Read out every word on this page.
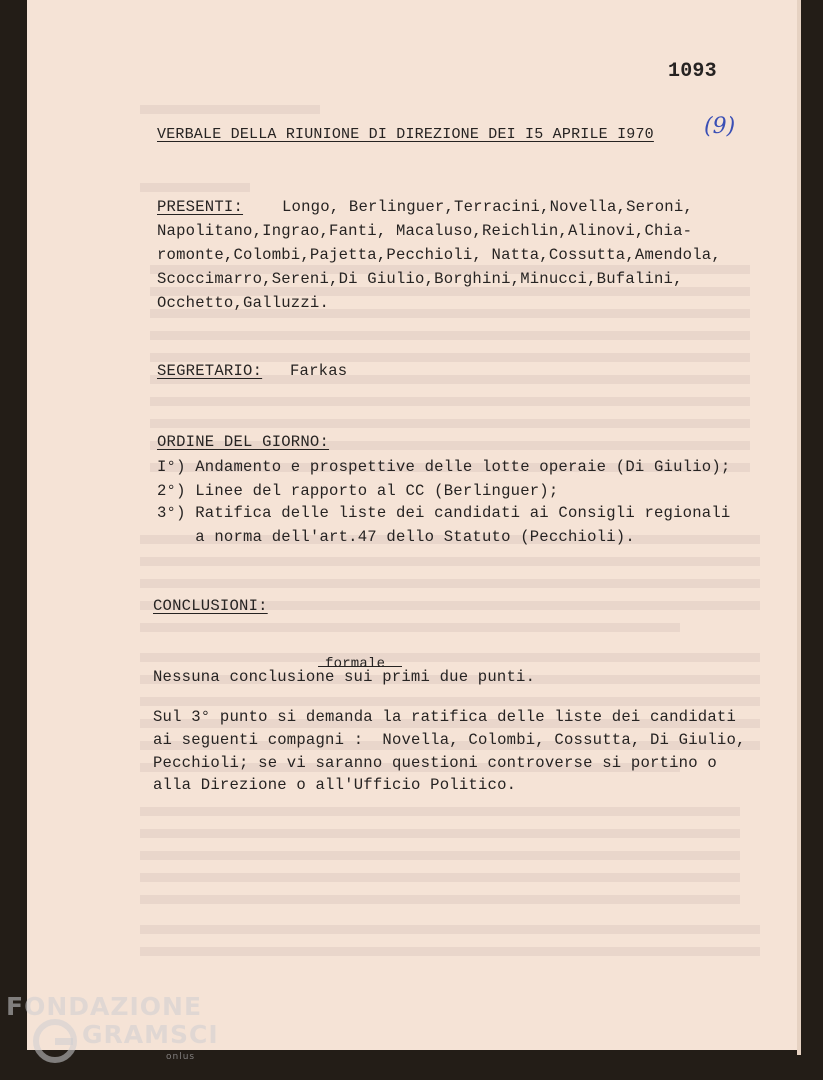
1093
(9)
VERBALE DELLA RIUNIONE DI DIREZIONE DEI I5 APRILE I970
PRESENTI: Longo, Berlinguer,Terracini,Novella,Seroni,
Napolitano,Ingrao,Fanti, Macaluso,Reichlin,Alinovi,Chia-
romonte,Colombi,Pajetta,Pecchioli, Natta,Cossutta,Amendola,
Scoccimarro,Sereni,Di Giulio,Borghini,Minucci,Bufalini,
Occhetto,Galluzzi.
SEGRETARIO: Farkas
ORDINE DEL GIORNO:
I°) Andamento e prospettive delle lotte operaie (Di Giulio);
2°) Linee del rapporto al CC (Berlinguer);
3°) Ratifica delle liste dei candidati ai Consigli regionali
a norma dell'art.47 dello Statuto (Pecchioli).
CONCLUSIONI:
formale
Nessuna conclusione sui primi due punti.
Sul 3° punto si demanda la ratifica delle liste dei candidati
ai seguenti compagni :  Novella, Colombi, Cossutta, Di Giulio,
Pecchioli; se vi saranno questioni controverse si portino o
alla Direzione o all'Ufficio Politico.
FONDAZIONE
GRAMSCI
onlus
